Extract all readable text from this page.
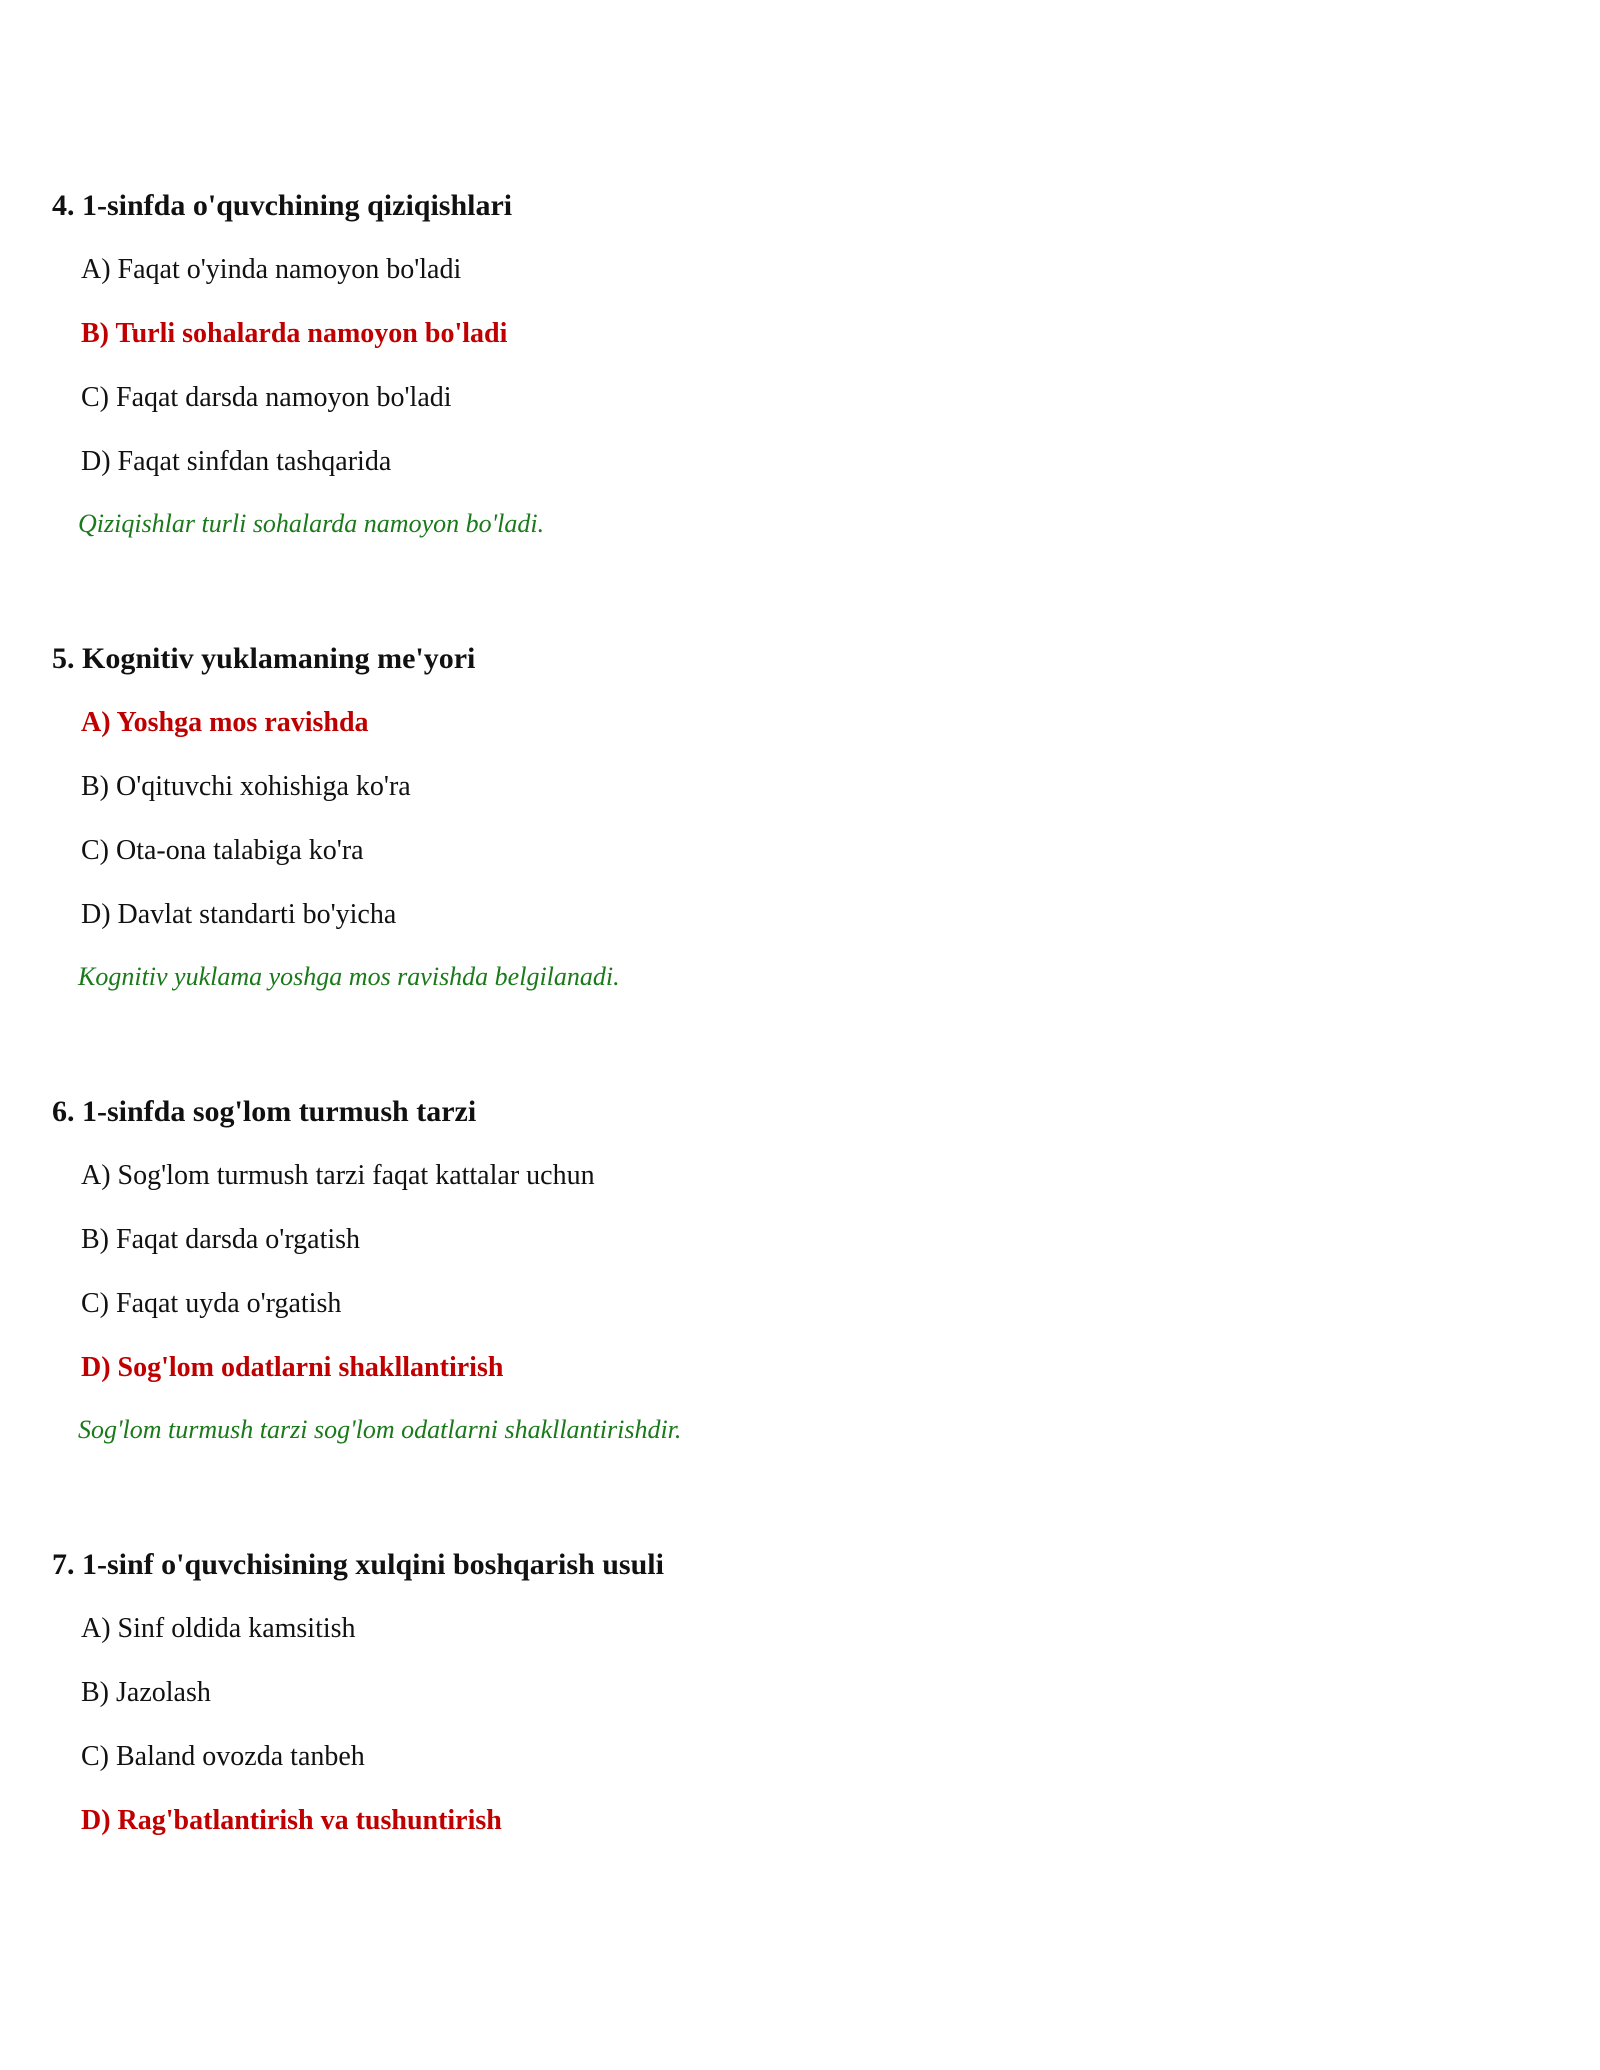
4. 1-sinfda o'quvchining qiziqishlari
A) Faqat o'yinda namoyon bo'ladi
B) Turli sohalarda namoyon bo'ladi
C) Faqat darsda namoyon bo'ladi
D) Faqat sinfdan tashqarida
Qiziqishlar turli sohalarda namoyon bo'ladi.
5. Kognitiv yuklamaning me'yori
A) Yoshga mos ravishda
B) O'qituvchi xohishiga ko'ra
C) Ota-ona talabiga ko'ra
D) Davlat standarti bo'yicha
Kognitiv yuklama yoshga mos ravishda belgilanadi.
6. 1-sinfda sog'lom turmush tarzi
A) Sog'lom turmush tarzi faqat kattalar uchun
B) Faqat darsda o'rgatish
C) Faqat uyda o'rgatish
D) Sog'lom odatlarni shakllantirish
Sog'lom turmush tarzi sog'lom odatlarni shakllantirishdir.
7. 1-sinf o'quvchisining xulqini boshqarish usuli
A) Sinf oldida kamsitish
B) Jazolash
C) Baland ovozda tanbeh
D) Rag'batlantirish va tushuntirish
